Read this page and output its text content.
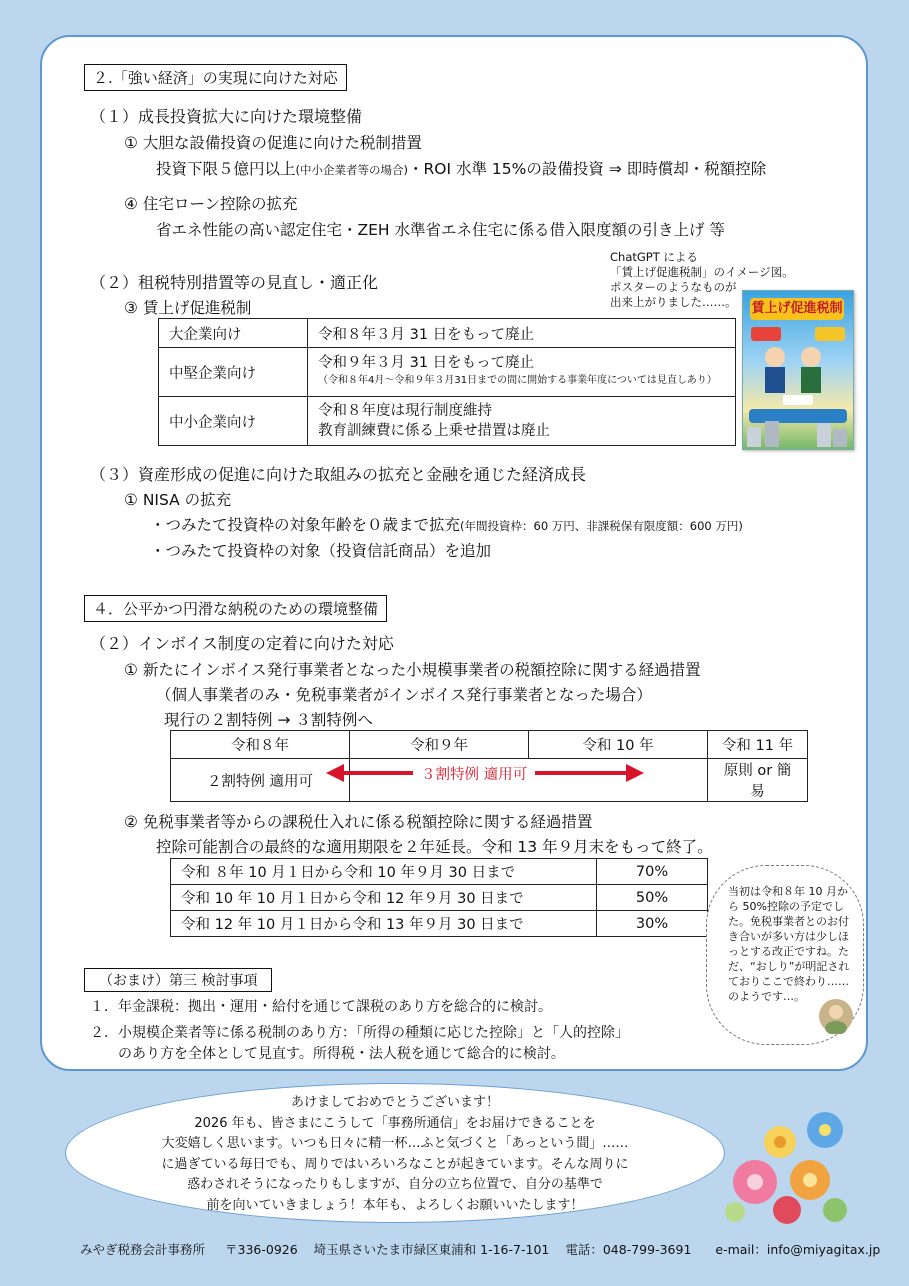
２.「強い経済」の実現に向けた対応
（１）成長投資拡大に向けた環境整備
① 大胆な設備投資の促進に向けた税制措置
投資下限５億円以上(中小企業者等の場合)・ROI 水準 15%の設備投資 ⇒ 即時償却・税額控除
④ 住宅ローン控除の拡充
省エネ性能の高い認定住宅・ZEH 水準省エネ住宅に係る借入限度額の引き上げ 等
（２）租税特別措置等の見直し・適正化
③ 賃上げ促進税制
大企業向け	令和８年３月 31 日をもって廃止
中堅企業向け	令和９年３月 31 日をもって廃止
（令和８年4月～令和９年３月31日までの間に開始する事業年度については見直しあり）

中小企業向け	令和８年度は現行制度維持
教育訓練費に係る上乗せ措置は廃止
ChatGPT による
「賃上げ促進税制」のイメージ図。
ポスターのようなものが
出来上がりました……。	賃上げ促進税制
（３）資産形成の促進に向けた取組みの拡充と金融を通じた経済成長
① NISA の拡充
・つみたて投資枠の対象年齢を０歳まで拡充(年間投資枠：60 万円、非課税保有限度額：600 万円)
・つみたて投資枠の対象（投資信託商品）を追加
４．公平かつ円滑な納税のための環境整備
（２）インボイス制度の定着に向けた対応
① 新たにインボイス発行事業者となった小規模事業者の税額控除に関する経過措置
（個人事業者のみ・免税事業者がインボイス発行事業者となった場合）
現行の２割特例 → ３割特例へ
令和８年	令和９年	令和 10 年	令和 11 年
２割特例 適用可			原則 or 簡易
３割特例 適用可
② 免税事業者等からの課税仕入れに係る税額控除に関する経過措置
控除可能割合の最終的な適用期限を２年延長。令和 13 年９月末をもって終了。
令和 ８年 10 月１日から令和 10 年９月 30 日まで	70%
令和 10 年 10 月１日から令和 12 年９月 30 日まで	50%
令和 12 年 10 月１日から令和 13 年９月 30 日まで	30%
当初は令和８年 10 月から 50%控除の予定でした。免税事業者とのお付き合いが多い方は少しほっとする改正ですね。ただ、“おしり”が明記されておりここで終わり……のようです…。
（おまけ）第三 検討事項
１．年金課税：拠出・運用・給付を通じて課税のあり方を総合的に検討。
２．小規模企業者等に係る税制のあり方：「所得の種類に応じた控除」と「人的控除」
のあり方を全体として見直す。所得税・法人税を通じて総合的に検討。
あけましておめでとうございます！
2026 年も、皆さまにこうして「事務所通信」をお届けできることを
大変嬉しく思います。いつも日々に精一杯…ふと気づくと「あっという間」……
に過ぎている毎日でも、周りではいろいろなことが起きています。そんな周りに
惑わされそうになったりもしますが、自分の立ち位置で、自分の基準で
前を向いていきましょう！本年も、よろしくお願いいたします！
みやぎ税務会計事務所 〒336-0926 埼玉県さいたま市緑区東浦和 1-16-7-101 電話：048-799-3691 e-mail：info@miyagitax.jp
